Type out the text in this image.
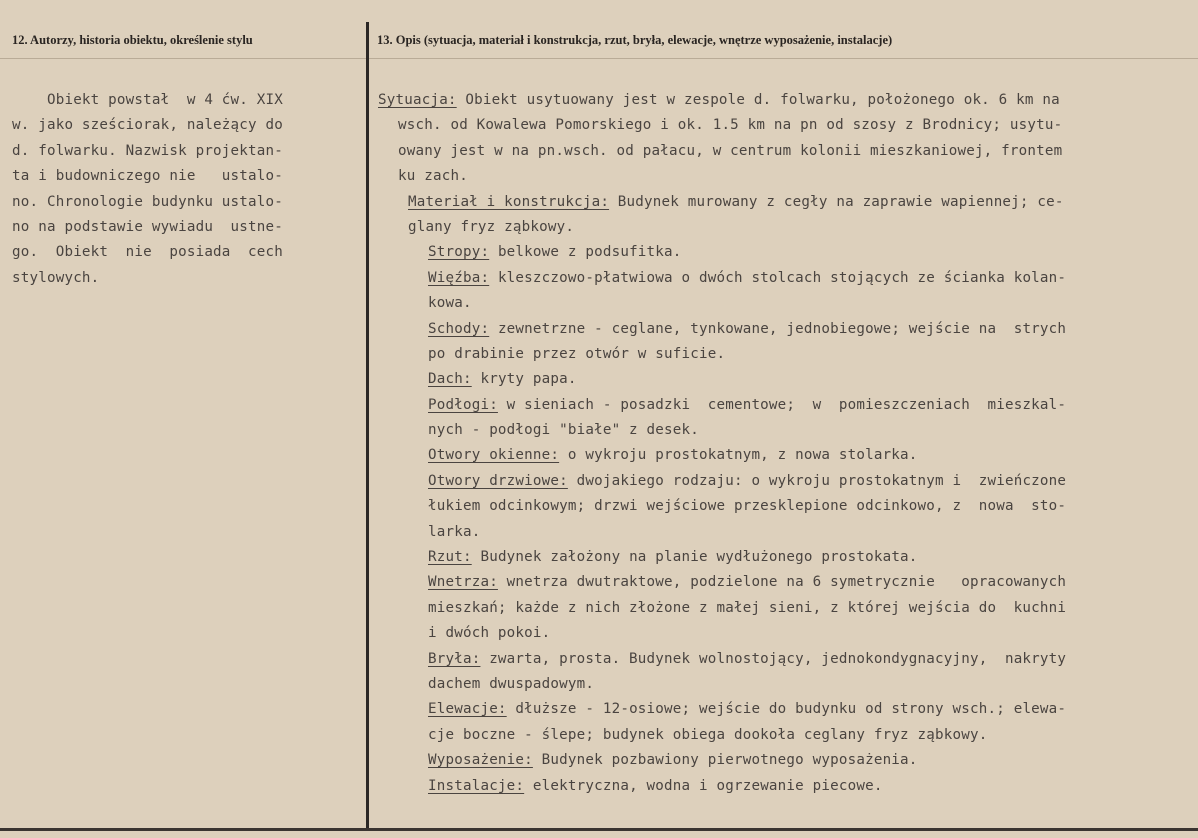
12. Autorzy, historia obiektu, określenie stylu	13. Opis (sytuacja, materiał i konstrukcja, rzut, bryła, elewacje, wnętrze wyposażenie, instalacje)
Obiekt powstał  w 4 ćw. XIX
w. jako sześciorak, należący do
d. folwarku. Nazwisk projektan-
ta i budowniczego nie   ustalo-
no. Chronologie budynku ustalo-
no na podstawie wywiadu  ustne-
go.  Obiekt  nie  posiada  cech
stylowych.
Sytuacja: Obiekt usytuowany jest w zespole d. folwarku, położonego ok. 6 km na
wsch. od Kowalewa Pomorskiego i ok. 1.5 km na pn od szosy z Brodnicy; usytu-
owany jest w na pn.wsch. od pałacu, w centrum kolonii mieszkaniowej, frontem
ku zach.
Materiał i konstrukcja: Budynek murowany z cegły na zaprawie wapiennej; ce-
glany fryz ząbkowy.
Stropy: belkowe z podsufitka.
Więźba: kleszczowo-płatwiowa o dwóch stolcach stojących ze ścianka kolan-
kowa.
Schody: zewnetrzne - ceglane, tynkowane, jednobiegowe; wejście na  strych
po drabinie przez otwór w suficie.
Dach: kryty papa.
Podłogi: w sieniach - posadzki  cementowe;  w  pomieszczeniach  mieszkal-
nych - podłogi "białe" z desek.
Otwory okienne: o wykroju prostokatnym, z nowa stolarka.
Otwory drzwiowe: dwojakiego rodzaju: o wykroju prostokatnym i  zwieńczone
łukiem odcinkowym; drzwi wejściowe przesklepione odcinkowo, z  nowa  sto-
larka.
Rzut: Budynek założony na planie wydłużonego prostokata.
Wnetrza: wnetrza dwutraktowe, podzielone na 6 symetrycznie   opracowanych
mieszkań; każde z nich złożone z małej sieni, z której wejścia do  kuchni
i dwóch pokoi.
Bryła: zwarta, prosta. Budynek wolnostojący, jednokondygnacyjny,  nakryty
dachem dwuspadowym.
Elewacje: dłuższe - 12-osiowe; wejście do budynku od strony wsch.; elewa-
cje boczne - ślepe; budynek obiega dookoła ceglany fryz ząbkowy.
Wyposażenie: Budynek pozbawiony pierwotnego wyposażenia.
Instalacje: elektryczna, wodna i ogrzewanie piecowe.
